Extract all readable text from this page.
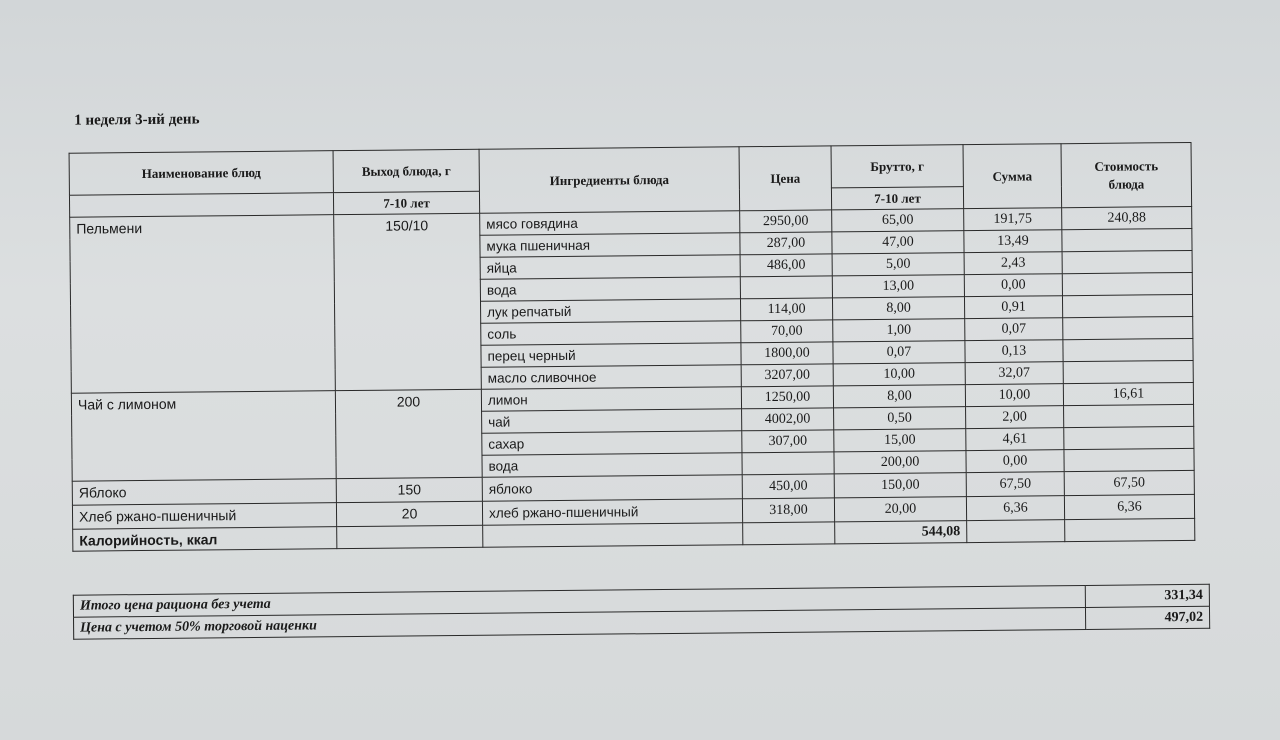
1 неделя 3-ий день
Наименование блюд	Выход блюда, г	Ингредиенты блюда	Цена	Брутто, г	Сумма	Стоимость
блюда
	7-10 лет			7-10 лет		
Пельмени	150/10	мясо говядина	2950,00	65,00	191,75	240,88
		мука пшеничная	287,00	47,00	13,49	
		яйца	486,00	5,00	2,43	
		вода		13,00	0,00	
		лук репчатый	114,00	8,00	0,91	
		соль	70,00	1,00	0,07	
		перец черный	1800,00	0,07	0,13	
		масло сливочное	3207,00	10,00	32,07	
Чай с лимоном	200	лимон	1250,00	8,00	10,00	16,61
		чай	4002,00	0,50	2,00	
		сахар	307,00	15,00	4,61	
		вода		200,00	0,00	
Яблоко	150	яблоко	450,00	150,00	67,50	67,50
Хлеб ржано-пшеничный	20	хлеб ржано-пшеничный	318,00	20,00	6,36	6,36
Калорийность, ккал				544,08		
Итого цена рациона без учета	331,34
Цена с учетом 50% торговой наценки	497,02
